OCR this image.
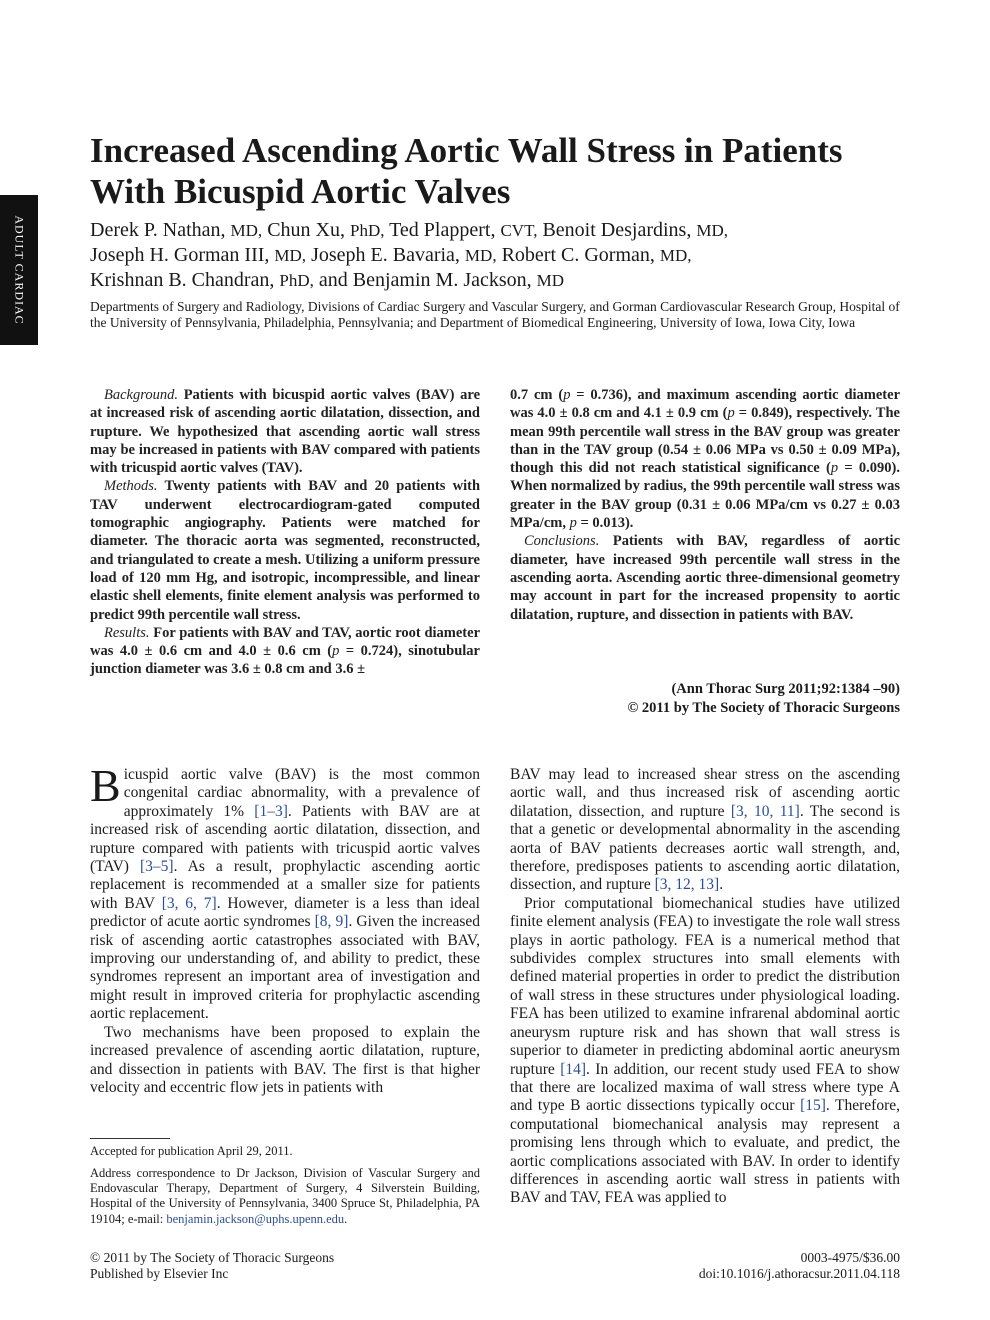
ADULT CARDIAC
Increased Ascending Aortic Wall Stress in Patients With Bicuspid Aortic Valves

Derek P. Nathan, MD, Chun Xu, PhD, Ted Plappert, CVT, Benoit Desjardins, MD,
Joseph H. Gorman III, MD, Joseph E. Bavaria, MD, Robert C. Gorman, MD,
Krishnan B. Chandran, PhD, and Benjamin M. Jackson, MD

Departments of Surgery and Radiology, Divisions of Cardiac Surgery and Vascular Surgery, and Gorman Cardiovascular Research Group, Hospital of the University of Pennsylvania, Philadelphia, Pennsylvania; and Department of Biomedical Engineering, University of Iowa, Iowa City, Iowa

Background. Patients with bicuspid aortic valves (BAV) are at increased risk of ascending aortic dilatation, dissection, and rupture. We hypothesized that ascending aortic wall stress may be increased in patients with BAV compared with patients with tricuspid aortic valves (TAV).

Methods. Twenty patients with BAV and 20 patients with TAV underwent electrocardiogram-gated computed tomographic angiography. Patients were matched for diameter. The thoracic aorta was segmented, reconstructed, and triangulated to create a mesh. Utilizing a uniform pressure load of 120 mm Hg, and isotropic, incompressible, and linear elastic shell elements, finite element analysis was performed to predict 99th percentile wall stress.

Results. For patients with BAV and TAV, aortic root diameter was 4.0 ± 0.6 cm and 4.0 ± 0.6 cm (p = 0.724), sinotubular junction diameter was 3.6 ± 0.8 cm and 3.6 ±

0.7 cm (p = 0.736), and maximum ascending aortic diameter was 4.0 ± 0.8 cm and 4.1 ± 0.9 cm (p = 0.849), respectively. The mean 99th percentile wall stress in the BAV group was greater than in the TAV group (0.54 ± 0.06 MPa vs 0.50 ± 0.09 MPa), though this did not reach statistical significance (p = 0.090). When normalized by radius, the 99th percentile wall stress was greater in the BAV group (0.31 ± 0.06 MPa/cm vs 0.27 ± 0.03 MPa/cm, p = 0.013).

Conclusions. Patients with BAV, regardless of aortic diameter, have increased 99th percentile wall stress in the ascending aorta. Ascending aortic three-dimensional geometry may account in part for the increased propensity to aortic dilatation, rupture, and dissection in patients with BAV.

(Ann Thorac Surg 2011;92:1384 –90)
© 2011 by The Society of Thoracic Surgeons

Bicuspid aortic valve (BAV) is the most common congenital cardiac abnormality, with a prevalence of approximately 1% [1–3]. Patients with BAV are at increased risk of ascending aortic dilatation, dissection, and rupture compared with patients with tricuspid aortic valves (TAV) [3–5]. As a result, prophylactic ascending aortic replacement is recommended at a smaller size for patients with BAV [3, 6, 7]. However, diameter is a less than ideal predictor of acute aortic syndromes [8, 9]. Given the increased risk of ascending aortic catastrophes associated with BAV, improving our understanding of, and ability to predict, these syndromes represent an important area of investigation and might result in improved criteria for prophylactic ascending aortic replacement.

Two mechanisms have been proposed to explain the increased prevalence of ascending aortic dilatation, rupture, and dissection in patients with BAV. The first is that higher velocity and eccentric flow jets in patients with

BAV may lead to increased shear stress on the ascending aortic wall, and thus increased risk of ascending aortic dilatation, dissection, and rupture [3, 10, 11]. The second is that a genetic or developmental abnormality in the ascending aorta of BAV patients decreases aortic wall strength, and, therefore, predisposes patients to ascending aortic dilatation, dissection, and rupture [3, 12, 13].

Prior computational biomechanical studies have utilized finite element analysis (FEA) to investigate the role wall stress plays in aortic pathology. FEA is a numerical method that subdivides complex structures into small elements with defined material properties in order to predict the distribution of wall stress in these structures under physiological loading. FEA has been utilized to examine infrarenal abdominal aortic aneurysm rupture risk and has shown that wall stress is superior to diameter in predicting abdominal aortic aneurysm rupture [14]. In addition, our recent study used FEA to show that there are localized maxima of wall stress where type A and type B aortic dissections typically occur [15]. Therefore, computational biomechanical analysis may represent a promising lens through which to evaluate, and predict, the aortic complications associated with BAV. In order to identify differences in ascending aortic wall stress in patients with BAV and TAV, FEA was applied to

Accepted for publication April 29, 2011.

Address correspondence to Dr Jackson, Division of Vascular Surgery and Endovascular Therapy, Department of Surgery, 4 Silverstein Building, Hospital of the University of Pennsylvania, 3400 Spruce St, Philadelphia, PA 19104; e-mail: benjamin.jackson@uphs.upenn.edu.

© 2011 by The Society of Thoracic Surgeons
Published by Elsevier Inc
0003-4975/$36.00
doi:10.1016/j.athoracsur.2011.04.118
